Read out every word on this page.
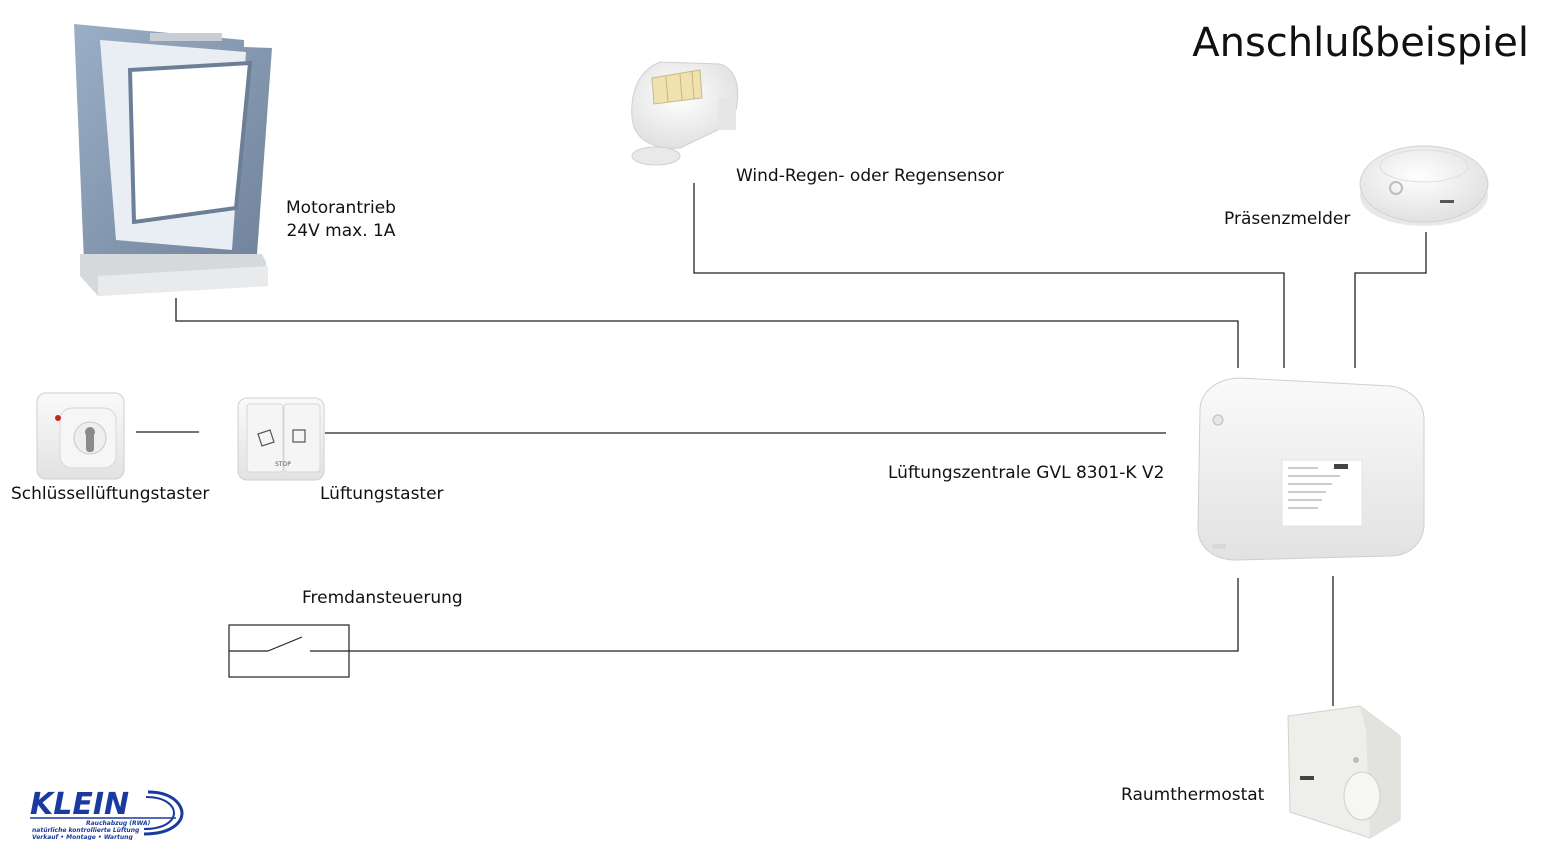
STOP
Anschlußbeispiel
Motorantrieb
24V max. 1A
Wind-Regen- oder Regensensor
Präsenzmelder
Schlüssellüftungstaster	Lüftungstaster
Lüftungszentrale GVL 8301-K V2
Fremdansteuerung
Raumthermostat
KLEIN
Rauchabzug (RWA)
natürliche kontrollierte Lüftung
Verkauf • Montage • Wartung
